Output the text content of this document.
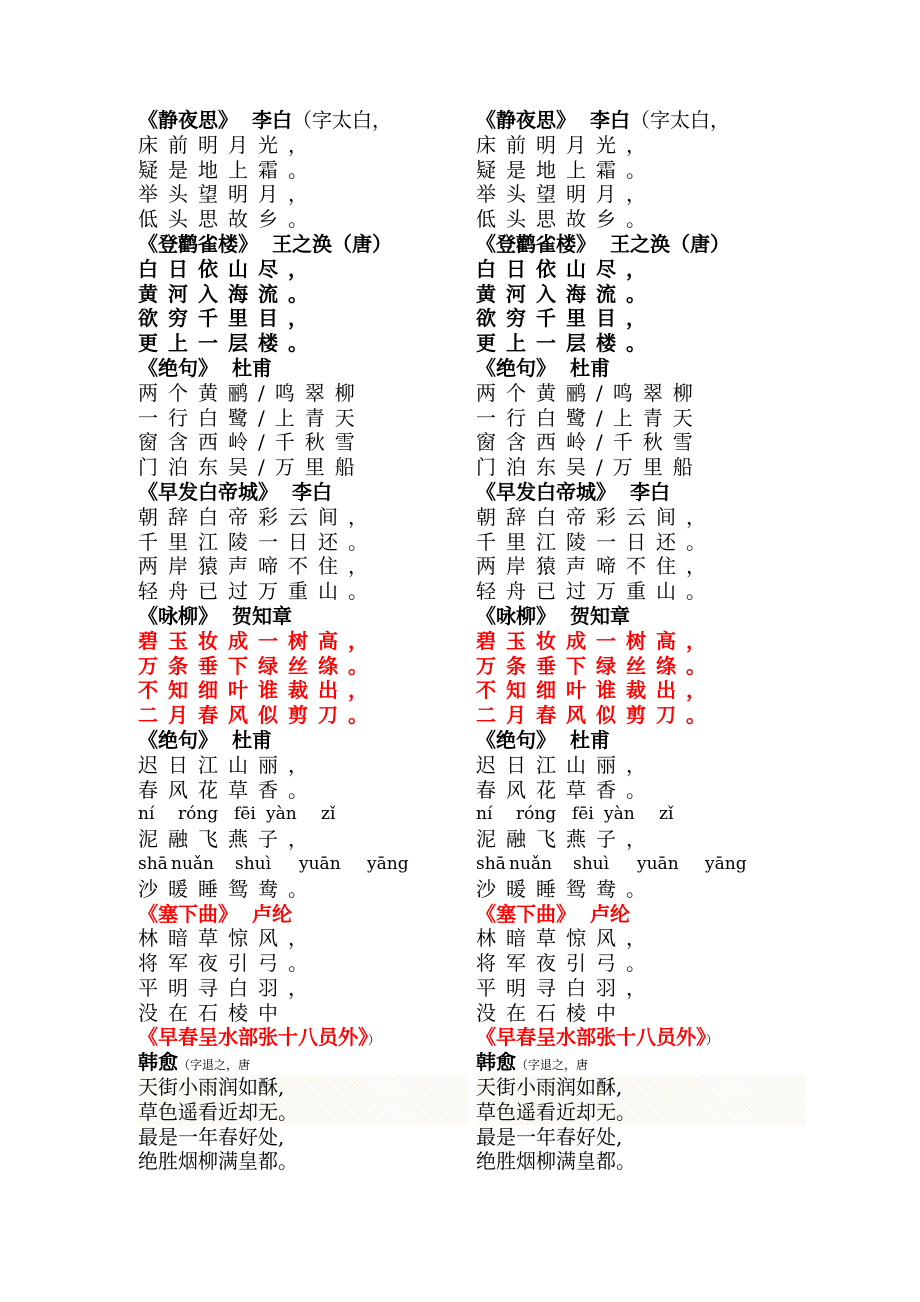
《静夜思》 李白（字太白，
床前明月光，
疑是地上霜。
举头望明月，
低头思故乡。
《登鹳雀楼》 王之涣（唐）
白日依山尽，
黄河入海流。
欲穷千里目，
更上一层楼。
《绝句》 杜甫
两个黄鹂/鸣翠柳
一行白鹭/上青天
窗含西岭/千秋雪
门泊东吴/万里船
《早发白帝城》 李白
朝辞白帝彩云间，
千里江陵一日还。
两岸猿声啼不住，
轻舟已过万重山。
《咏柳》 贺知章
碧玉妆成一树高，
万条垂下绿丝绦。
不知细叶谁裁出，
二月春风似剪刀。
《绝句》 杜甫
迟日江山丽，
春风花草香。
ní róng fēi yàn zǐ
泥融飞燕子，
shā nuǎn shuì yuān yāng
沙暖睡鸳鸯。
《塞下曲》 卢纶
林暗草惊风，
将军夜引弓。
平明寻白羽，
没在石棱中
《早春呈水部张十八员外》）
韩愈（字退之，唐
天街小雨润如酥,
草色遥看近却无。
最是一年春好处,
绝胜烟柳满皇都。
《静夜思》 李白（字太白，
床前明月光，
疑是地上霜。
举头望明月，
低头思故乡。
《登鹳雀楼》 王之涣（唐）
白日依山尽，
黄河入海流。
欲穷千里目，
更上一层楼。
《绝句》 杜甫
两个黄鹂/鸣翠柳
一行白鹭/上青天
窗含西岭/千秋雪
门泊东吴/万里船
《早发白帝城》 李白
朝辞白帝彩云间，
千里江陵一日还。
两岸猿声啼不住，
轻舟已过万重山。
《咏柳》 贺知章
碧玉妆成一树高，
万条垂下绿丝绦。
不知细叶谁裁出，
二月春风似剪刀。
《绝句》 杜甫
迟日江山丽，
春风花草香。
ní róng fēi yàn zǐ
泥融飞燕子，
shā nuǎn shuì yuān yāng
沙暖睡鸳鸯。
《塞下曲》 卢纶
林暗草惊风，
将军夜引弓。
平明寻白羽，
没在石棱中
《早春呈水部张十八员外》）
韩愈（字退之，唐
天街小雨润如酥,
草色遥看近却无。
最是一年春好处,
绝胜烟柳满皇都。
